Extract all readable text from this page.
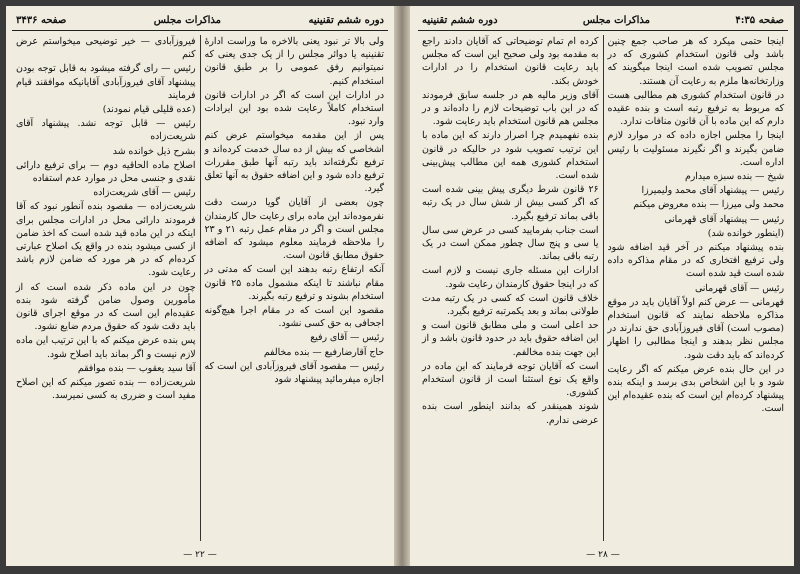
دوره ششم تقنینیه
مذاکرات مجلس
صفحه ۳۴۳۶

ولی بالا تر نبود یعنی بالاخره ما وراست ادارهٔ تقنینیه یا دوائر مجلس را از یک جدی یعنی که نمیتوانیم رفق عمومی را بر طبق قانون استخدام کنیم.

در ادارات این است که اگر در ادارات قانون استخدام کاملاً رعایت شده بود این ایرادات وارد نبود.

پس از این مقدمه میخواستم عرض کنم اشخاصی که بیش از ده سال خدمت کرده‌اند و ترفیع نگرفته‌اند باید رتبه آنها طبق مقررات ترفیع داده شود و این اضافه حقوق به آنها تعلق گیرد.

چون بعضی از آقایان گویا درست دقت نفرموده‌اند این ماده برای رعایت حال کارمندان مجلس است و اگر در مقام عمل رتبه ۲۱ و ۲۳ را ملاحظه فرمایند معلوم میشود که اضافه حقوق مطابق قانون است.

آنکه ارتفاع رتبه بدهند این است که مدتی در مقام نباشند تا اینکه مشمول ماده ۲۵ قانون استخدام بشوند و ترفیع رتبه بگیرند.

مقصود این است که در مقام اجرا هیچ‌گونه اجحافی به حق کسی نشود.

رئیس — آقای رفیع

حاج آقارضارفیع — بنده مخالفم

رئیس — مقصود آقای فیروزآبادی این است که اجازه میفرمائید پیشنهاد شود

فیروزآبادی — خیر توضیحی میخواستم عرض کنم

رئیس — رای گرفته میشود به قابل توجه بودن پیشنهاد آقای فیروزآبادی آقایانیکه موافقند قیام فرمایند

(عده قلیلی قیام نمودند)

رئیس — قابل توجه نشد. پیشنهاد آقای شریعت‌زاده

بشرح ذیل خوانده شد

اصلاح ماده الحاقیه دوم — برای ترفیع دارائی نقدی و جنسی محل در موارد عدم استفاده

رئیس — آقای شریعت‌زاده

شریعت‌زاده — مقصود بنده آنطور نبود که آقا فرمودند دارائی محل در ادارات مجلس برای اینکه در این ماده قید شده است که اخذ ضامن از کسی میشود بنده در واقع یک اصلاح عبارتی کرده‌ام که در هر مورد که ضامن لازم باشد رعایت شود.

چون در این ماده ذکر شده است که از مأمورین وصول ضامن گرفته شود بنده عقیده‌ام این است که در موقع اجرای قانون باید دقت شود که حقوق مردم ضایع نشود.

پس بنده عرض میکنم که با این ترتیب این ماده لازم نیست و اگر بماند باید اصلاح شود.

آقا سید یعقوب — بنده موافقم

شریعت‌زاده — بنده تصور میکنم که این اصلاح مفید است و ضرری به کسی نمیرسد.

— ۲۲ —
صفحه ۴:۳۵
مذاکرات مجلس
دوره ششم تقنینیه

اینجا حتمی میکرد که هر صاحب جمع چنین باشد ولی قانون استخدام کشوری که در مجلس تصویب شده است اینجا میگویند که وزارتخانه‌ها ملزم به رعایت آن هستند.

در قانون استخدام کشوری هم مطالبی هست که مربوط به ترفیع رتبه است و بنده عقیده دارم که این ماده با آن قانون منافات ندارد.

اینجا را مجلس اجازه داده که در موارد لازم ضامن بگیرند و اگر نگیرند مسئولیت با رئیس اداره است.

شیخ — بنده سبزه میدارم

رئیس — پیشنهاد آقای محمد ولیمیرزا

محمد ولی میرزا — بنده معروض میکنم

رئیس — پیشنهاد آقای قهرمانی

(اینطور خوانده شد)

بنده پیشنهاد میکنم در آخر قید اضافه شود ولی ترفیع افتخاری که در مقام مذاکره داده شده است قید شده است

رئیس — آقای قهرمانی

قهرمانی — عرض کنم اولاً آقایان باید در موقع مذاکره ملاحظه نمایند که قانون استخدام (مصوب است) آقای فیروزآبادی حق ندارند در مجلس نظر بدهند و اینجا مطالبی را اظهار کرده‌اند که باید دقت شود.

در این حال بنده عرض میکنم که اگر رعایت شود و با این اشخاص بدی برسد و اینکه بنده پیشنهاد کرده‌ام این است که بنده عقیده‌ام این است.

کرده ام تمام توضیحاتی که آقایان دادند راجع به مقدمه بود ولی صحیح این است که مجلس باید رعایت قانون استخدام را در ادارات خودش بکند.

آقای وزیر مالیه هم در جلسه سابق فرمودند که در این باب توضیحات لازم را داده‌اند و در مجلس هم قانون استخدام باید رعایت شود.

بنده نفهمیدم چرا اصرار دارند که این ماده با این ترتیب تصویب شود در حالیکه در قانون استخدام کشوری همه این مطالب پیش‌بینی شده است.

۲۶ قانون شرط دیگری پیش بینی شده است که اگر کسی بیش از شش سال در یک رتبه باقی بماند ترفیع بگیرد.

است جناب بفرمایید کسی در عرض سی سال یا سی و پنج سال چطور ممکن است در یک رتبه باقی بماند.

ادارات این مسئله جاری نیست و لازم است که در اینجا حقوق کارمندان رعایت شود.

خلاف قانون است که کسی در یک رتبه مدت طولانی بماند و بعد یکمرتبه ترفیع بگیرد.

حد اعلی است و ملی مطابق قانون است و این اضافه حقوق باید در حدود قانون باشد و از این جهت بنده مخالفم.

است که آقایان توجه فرمایند که این ماده در واقع یک نوع استثنا است از قانون استخدام کشوری.

شوند همینقدر که بدانند اینطور است بنده عرضی ندارم.

— ۲۸ —
